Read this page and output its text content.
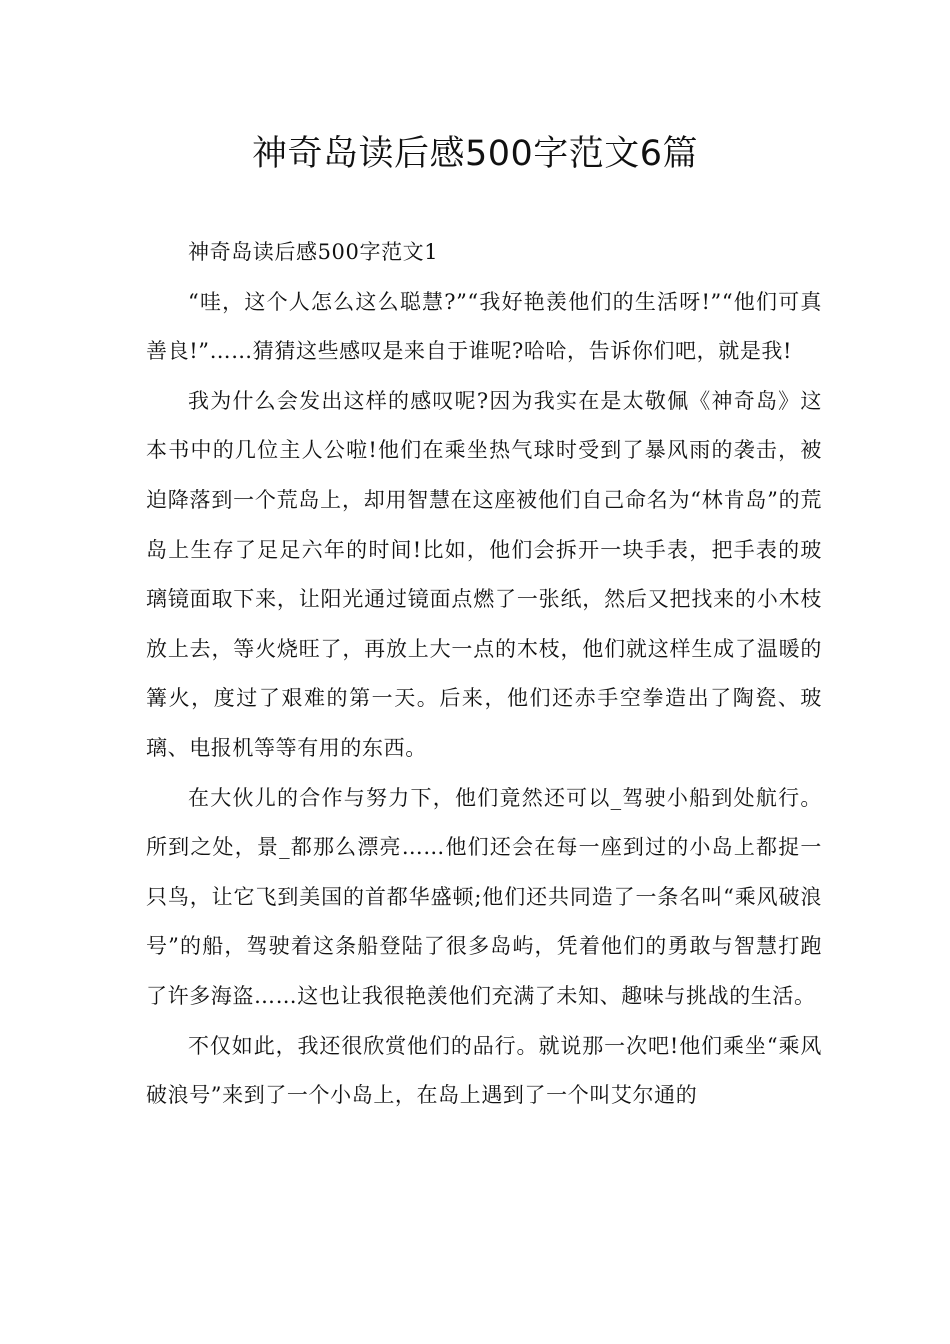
神奇岛读后感500字范文6篇

神奇岛读后感500字范文1

“哇，这个人怎么这么聪慧?”“我好艳羡他们的生活呀!”“他们可真善良!”……猜猜这些感叹是来自于谁呢?哈哈，告诉你们吧，就是我!

我为什么会发出这样的感叹呢?因为我实在是太敬佩《神奇岛》这本书中的几位主人公啦!他们在乘坐热气球时受到了暴风雨的袭击，被迫降落到一个荒岛上，却用智慧在这座被他们自己命名为“林肯岛”的荒岛上生存了足足六年的时间!比如，他们会拆开一块手表，把手表的玻璃镜面取下来，让阳光通过镜面点燃了一张纸，然后又把找来的小木枝放上去，等火烧旺了，再放上大一点的木枝，他们就这样生成了温暖的篝火，度过了艰难的第一天。后来，他们还赤手空拳造出了陶瓷、玻璃、电报机等等有用的东西。

在大伙儿的合作与努力下，他们竟然还可以_驾驶小船到处航行。所到之处，景_都那么漂亮……他们还会在每一座到过的小岛上都捉一只鸟，让它飞到美国的首都华盛顿;他们还共同造了一条名叫“乘风破浪号”的船，驾驶着这条船登陆了很多岛屿，凭着他们的勇敢与智慧打跑了许多海盗……这也让我很艳羡他们充满了未知、趣味与挑战的生活。

不仅如此，我还很欣赏他们的品行。就说那一次吧!他们乘坐“乘风破浪号”来到了一个小岛上，在岛上遇到了一个叫艾尔通的
